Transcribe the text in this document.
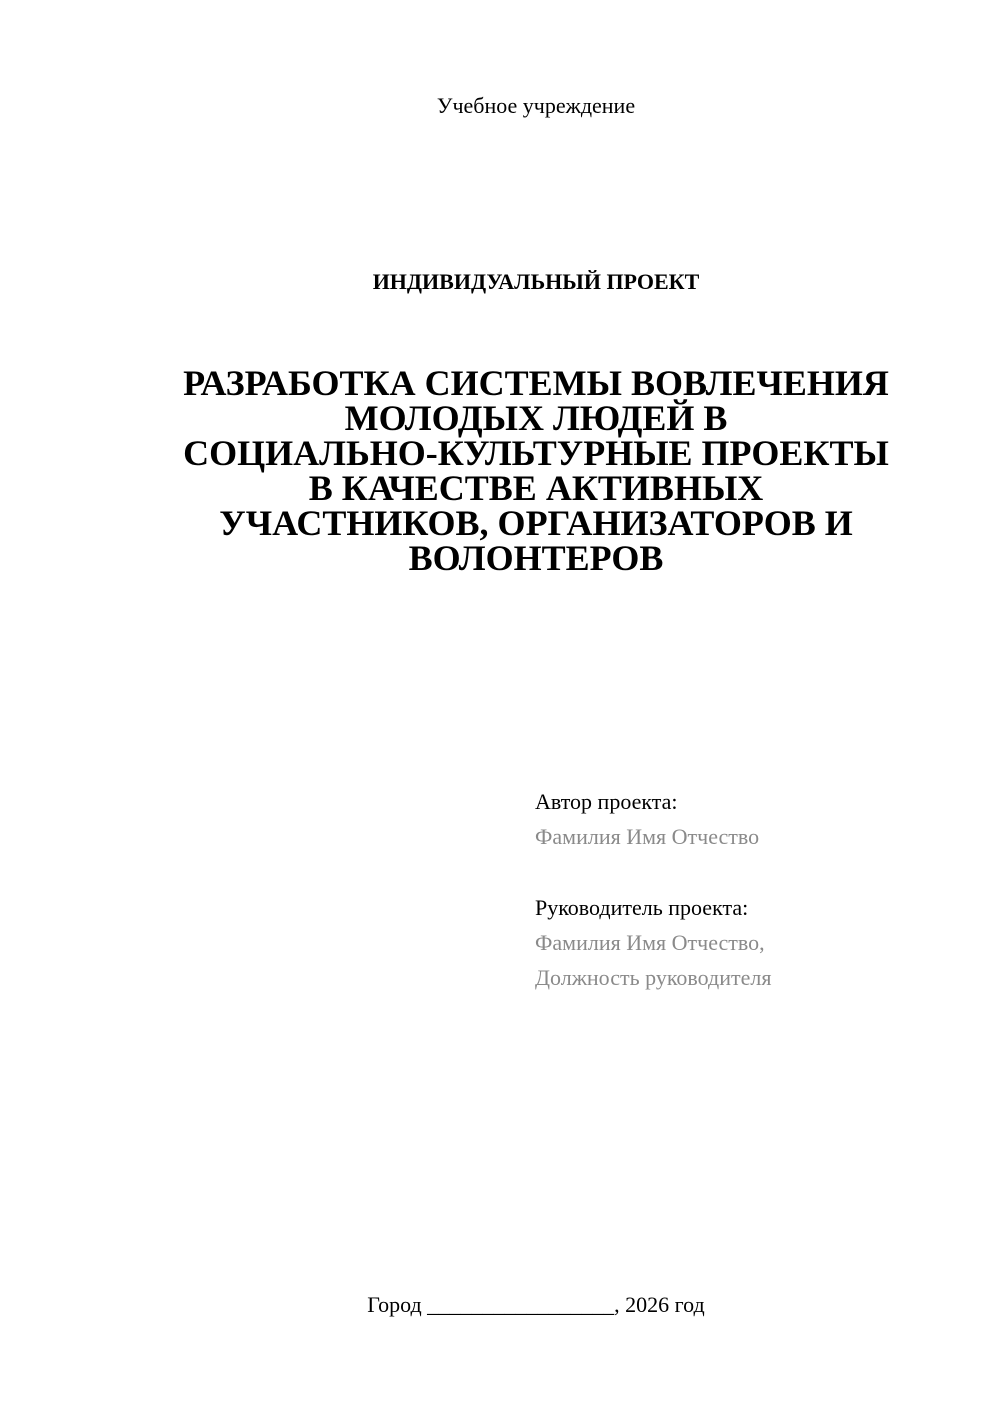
Учебное учреждение
ИНДИВИДУАЛЬНЫЙ ПРОЕКТ
РАЗРАБОТКА СИСТЕМЫ ВОВЛЕЧЕНИЯ
МОЛОДЫХ ЛЮДЕЙ В
СОЦИАЛЬНО-КУЛЬТУРНЫЕ ПРОЕКТЫ
В КАЧЕСТВЕ АКТИВНЫХ
УЧАСТНИКОВ, ОРГАНИЗАТОРОВ И
ВОЛОНТЕРОВ
Автор проекта:
Фамилия Имя Отчество
Руководитель проекта:
Фамилия Имя Отчество,
Должность руководителя
Город _________________, 2026 год
